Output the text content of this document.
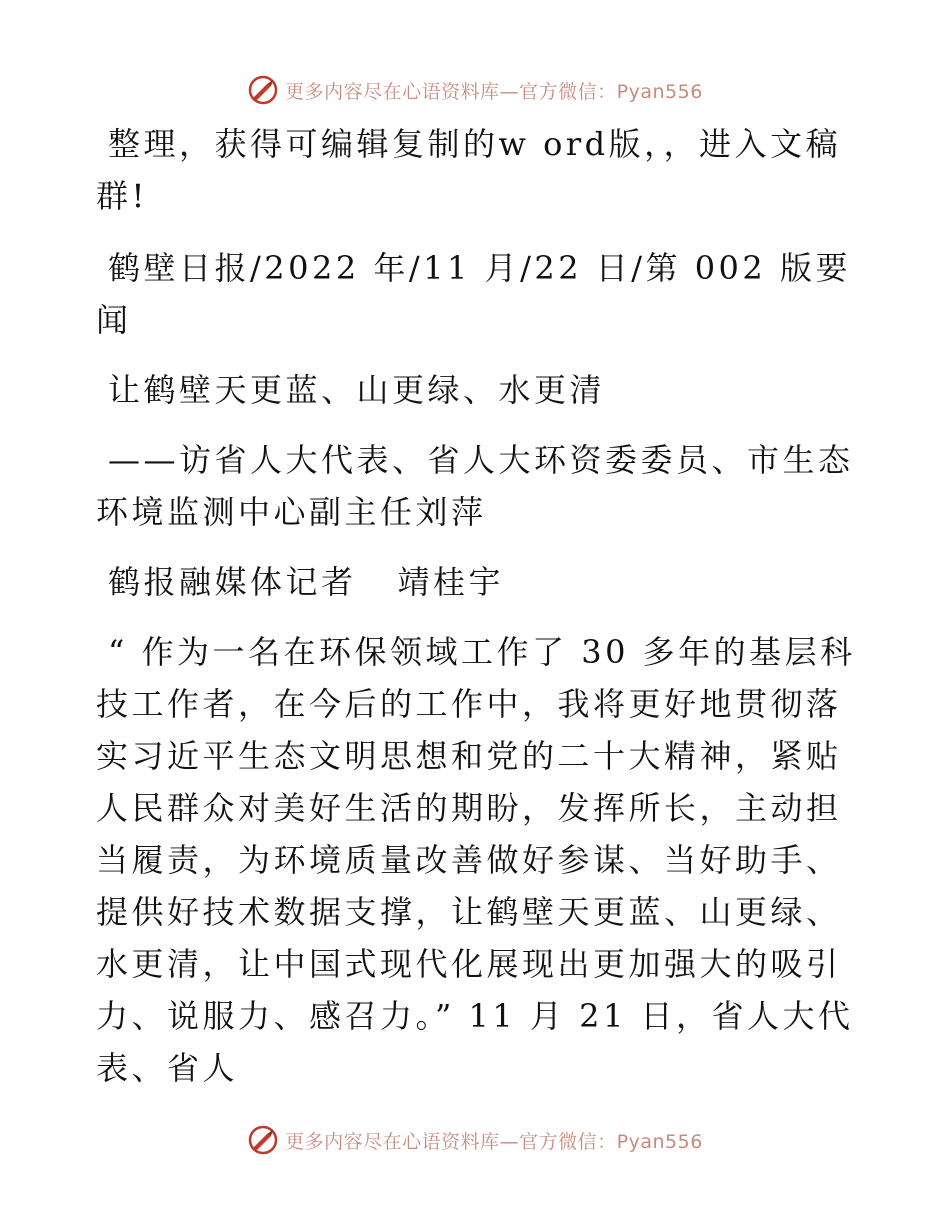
更多内容尽在心语资料库—官方微信：Pyan556

整理，获得可编辑复制的w ord版，，进入文稿群!

鹤壁日报/2022 年/11 月/22 日/第 002 版要闻

让鹤壁天更蓝、山更绿、水更清

——访省人大代表、省人大环资委委员、市生态环境监测中心副主任刘萍

鹤报融媒体记者   靖桂宇

“ 作为一名在环保领域工作了 30 多年的基层科技工作者，在今后的工作中，我将更好地贯彻落实习近平生态文明思想和党的二十大精神，紧贴人民群众对美好生活的期盼，发挥所长，主动担当履责，为环境质量改善做好参谋、当好助手、提供好技术数据支撑，让鹤壁天更蓝、山更绿、水更清，让中国式现代化展现出更加强大的吸引力、说服力、感召力。” 11 月 21 日，省人大代表、省人

更多内容尽在心语资料库—官方微信：Pyan556
